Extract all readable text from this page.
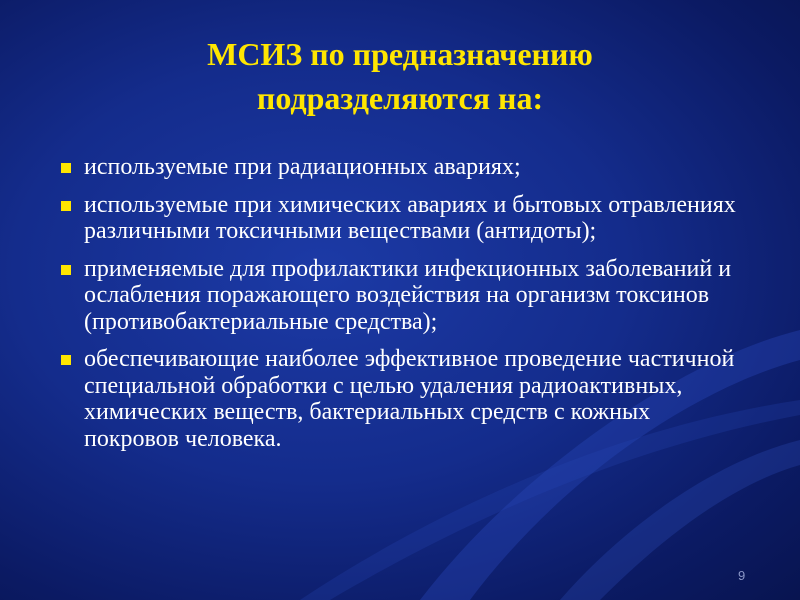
МСИЗ по предназначению
подразделяются на:
используемые при радиационных авариях;
используемые при химических авариях и бытовых отравлениях различными токсичными веществами (антидоты);
применяемые для профилактики инфекционных заболеваний и ослабления поражающего воздействия на организм токсинов (противобактериальные средства);
обеспечивающие наиболее эффективное проведение частичной специальной обработки с целью удаления радиоактивных, химических веществ, бактериальных средств с кожных покровов человека.
9
